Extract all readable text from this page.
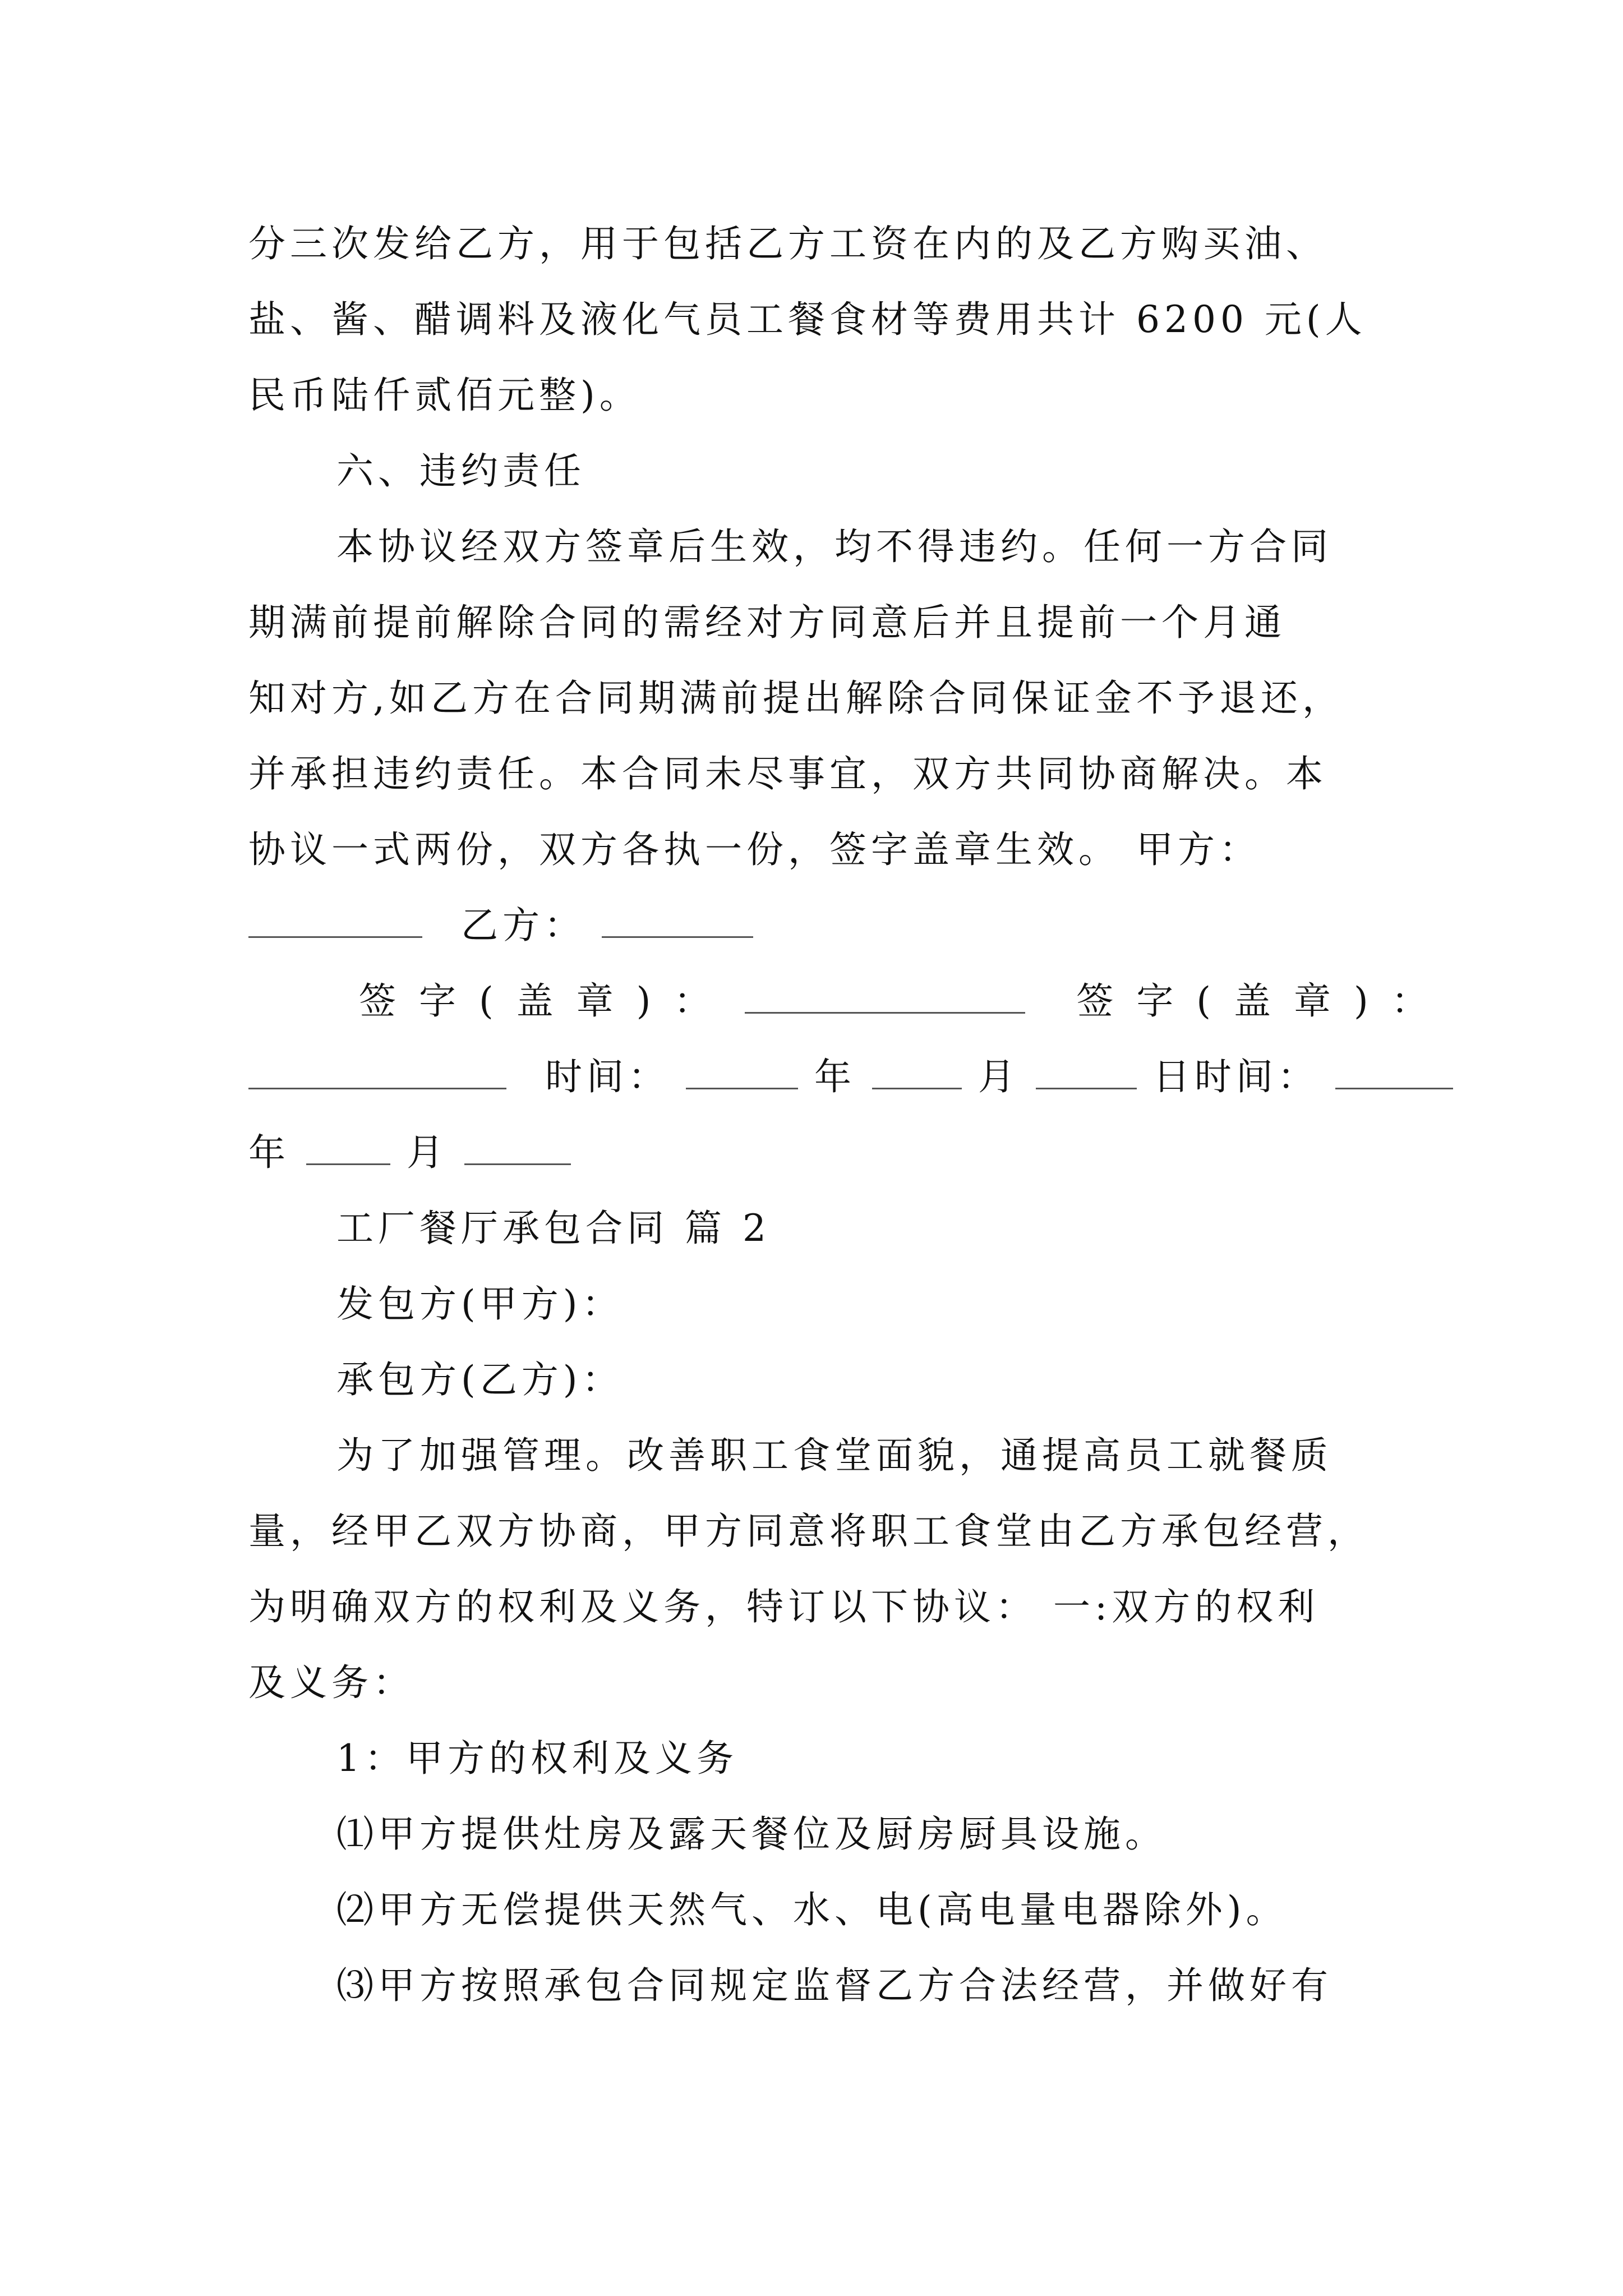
分三次发给乙方，用于包括乙方工资在内的及乙方购买油、
盐、酱、醋调料及液化气员工餐食材等费用共计 6200 元(人
民币陆仟贰佰元整)。
六、违约责任
本协议经双方签章后生效，均不得违约。任何一方合同
期满前提前解除合同的需经对方同意后并且提前一个月通
知对方,如乙方在合同期满前提出解除合同保证金不予退还，
并承担违约责任。本合同未尽事宜，双方共同协商解决。本
协议一式两份，双方各执一份，签字盖章生效。 甲方：
乙方：
签 字 ( 盖 章 ) ：	签 字 ( 盖 章 ) ：
时间：	年	月	日时间：
年	月
工厂餐厅承包合同 篇 2
发包方(甲方)：
承包方(乙方)：
为了加强管理。改善职工食堂面貌，通提高员工就餐质
量，经甲乙双方协商，甲方同意将职工食堂由乙方承包经营，
为明确双方的权利及义务，特订以下协议： 一:双方的权利
及义务：
1：甲方的权利及义务
⑴甲方提供灶房及露天餐位及厨房厨具设施。
⑵甲方无偿提供天然气、水、电(高电量电器除外)。
⑶甲方按照承包合同规定监督乙方合法经营，并做好有
